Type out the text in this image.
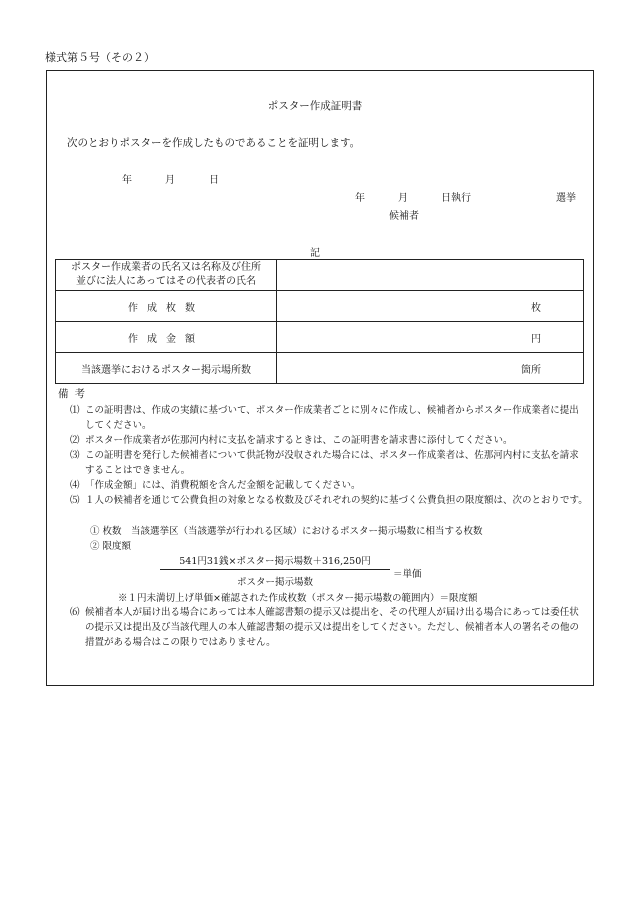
様式第５号（その２）
ポスター作成証明書
次のとおりポスターを作成したものであることを証明します。
年	月	日
年	月	日執行	選挙
候補者
記
ポスター作成業者の氏名又は名称及び住所
並びに法人にあってはその代表者の氏名	
作成枚数	枚
作成金額	円
当該選挙におけるポスター掲示場所数	箇所
備考
⑴ この証明書は、作成の実績に基づいて、ポスター作成業者ごとに別々に作成し、候補者からポスター作成業者に提出してください。
⑵ ポスター作成業者が佐那河内村に支払を請求するときは、この証明書を請求書に添付してください。
⑶ この証明書を発行した候補者について供託物が没収された場合には、ポスター作成業者は、佐那河内村に支払を請求することはできません。
⑷ 「作成金額」には、消費税額を含んだ金額を記載してください。
⑸ １人の候補者を通じて公費負担の対象となる枚数及びそれぞれの契約に基づく公費負担の限度額は、次のとおりです。
① 枚数　当該選挙区（当該選挙が行われる区域）におけるポスター掲示場数に相当する枚数
② 限度額
541円31銭×ポスター掲示場数＋316,250円
ポスター掲示場数
＝単価
※１円未満切上げ単価×確認された作成枚数（ポスター掲示場数の範囲内）＝限度額
⑹ 候補者本人が届け出る場合にあっては本人確認書類の提示又は提出を、その代理人が届け出る場合にあっては委任状の提示又は提出及び当該代理人の本人確認書類の提示又は提出をしてください。ただし、候補者本人の署名その他の措置がある場合はこの限りではありません。
